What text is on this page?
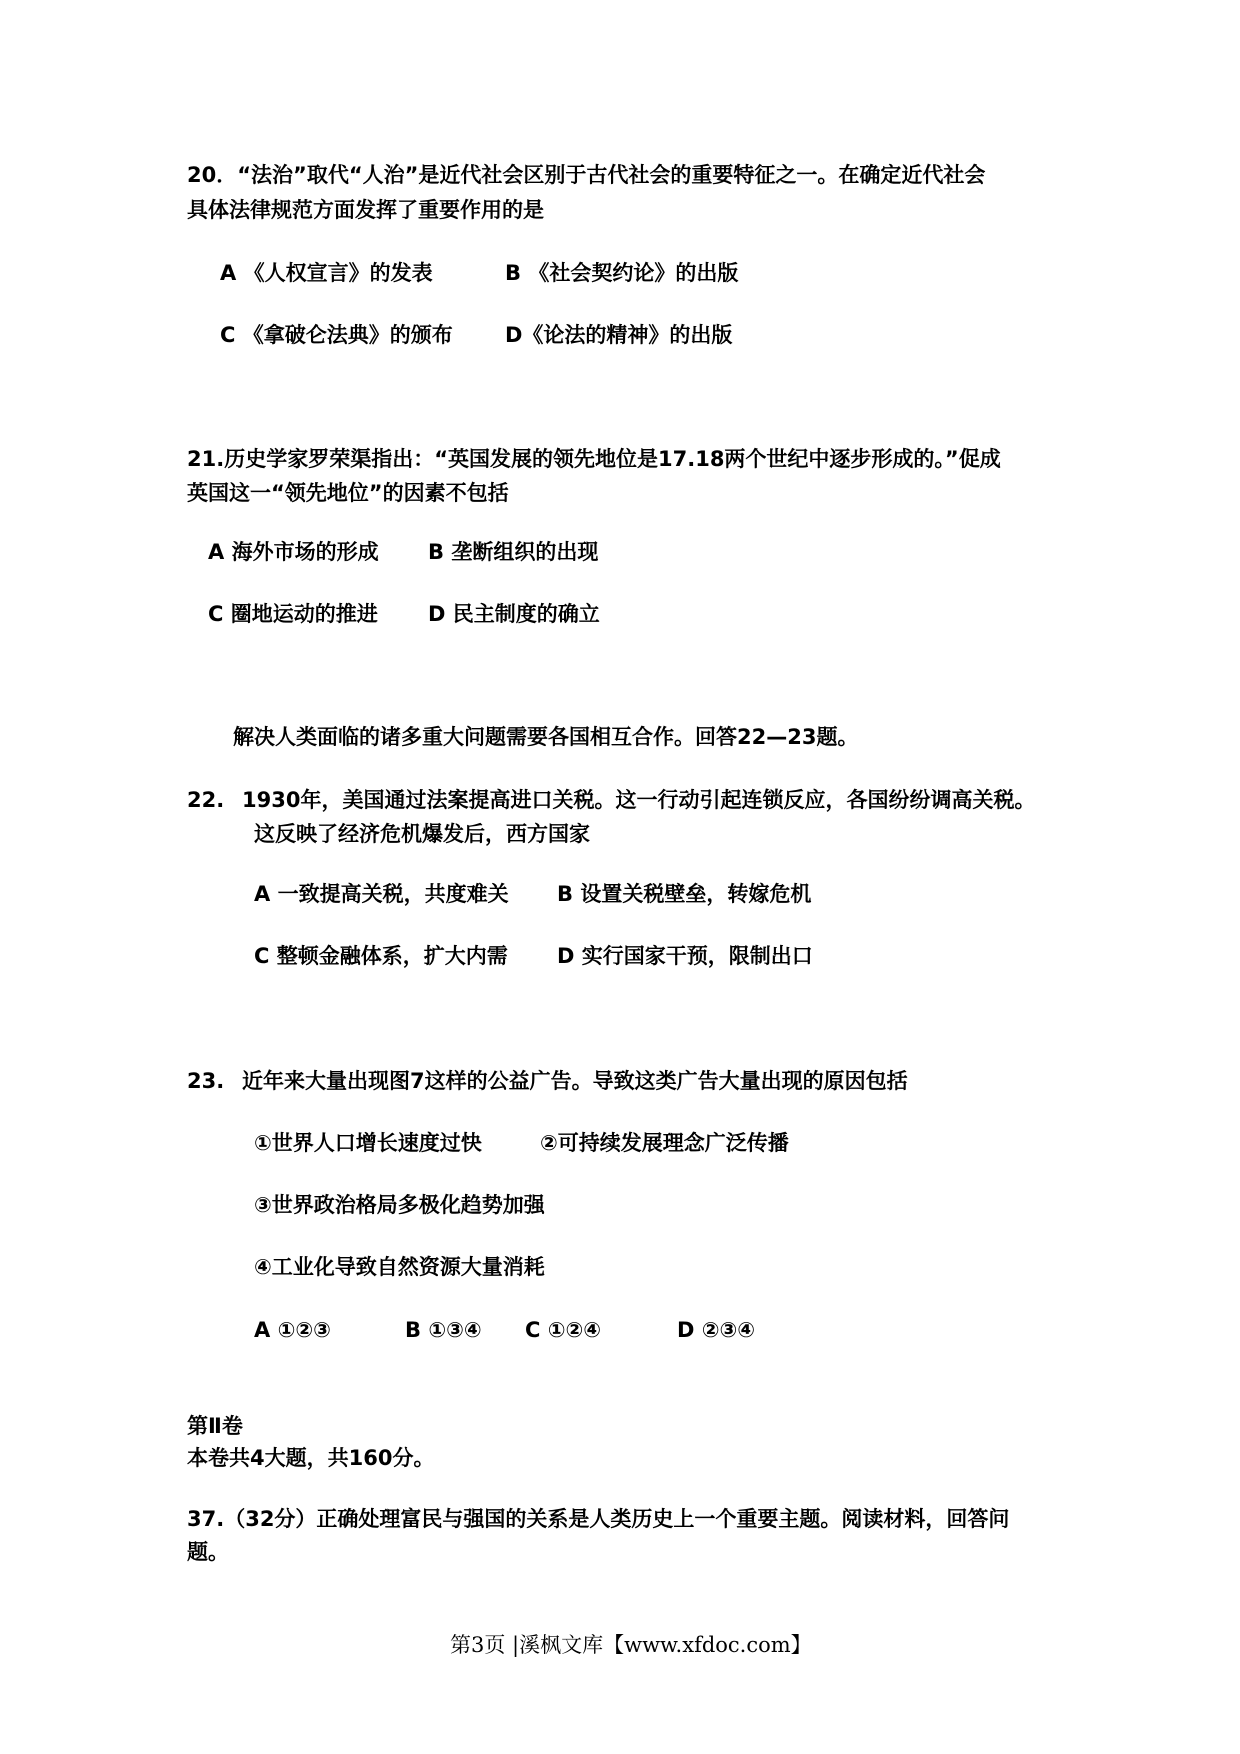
20．“法治”取代“人治”是近代社会区别于古代社会的重要特征之一。在确定近代社会
具体法律规范方面发挥了重要作用的是
A 《人权宣言》的发表	B 《社会契约论》的出版
C 《拿破仑法典》的颁布 D《论法的精神》的出版
21.历史学家罗荣渠指出：“英国发展的领先地位是17.18两个世纪中逐步形成的。”促成
英国这一“领先地位”的因素不包括
A 海外市场的形成 B 垄断组织的出现
C 圈地运动的推进 D 民主制度的确立
解决人类面临的诸多重大问题需要各国相互合作。回答22—23题。
22. 1930年，美国通过法案提高进口关税。这一行动引起连锁反应，各国纷纷调高关税。
这反映了经济危机爆发后，西方国家
A 一致提高关税，共度难关 B 设置关税壁垒，转嫁危机
C 整顿金融体系，扩大内需 D 实行国家干预，限制出口
23. 近年来大量出现图7这样的公益广告。导致这类广告大量出现的原因包括
①世界人口增长速度过快	②可持续发展理念广泛传播
③世界政治格局多极化趋势加强
④工业化导致自然资源大量消耗
A ①②③	B ①③④ C ①②④	D ②③④
第Ⅱ卷
本卷共4大题，共160分。
37.（32分）正确处理富民与强国的关系是人类历史上一个重要主题。阅读材料，回答问
题。
第3页 |溪枫文库【www.xfdoc.com】
